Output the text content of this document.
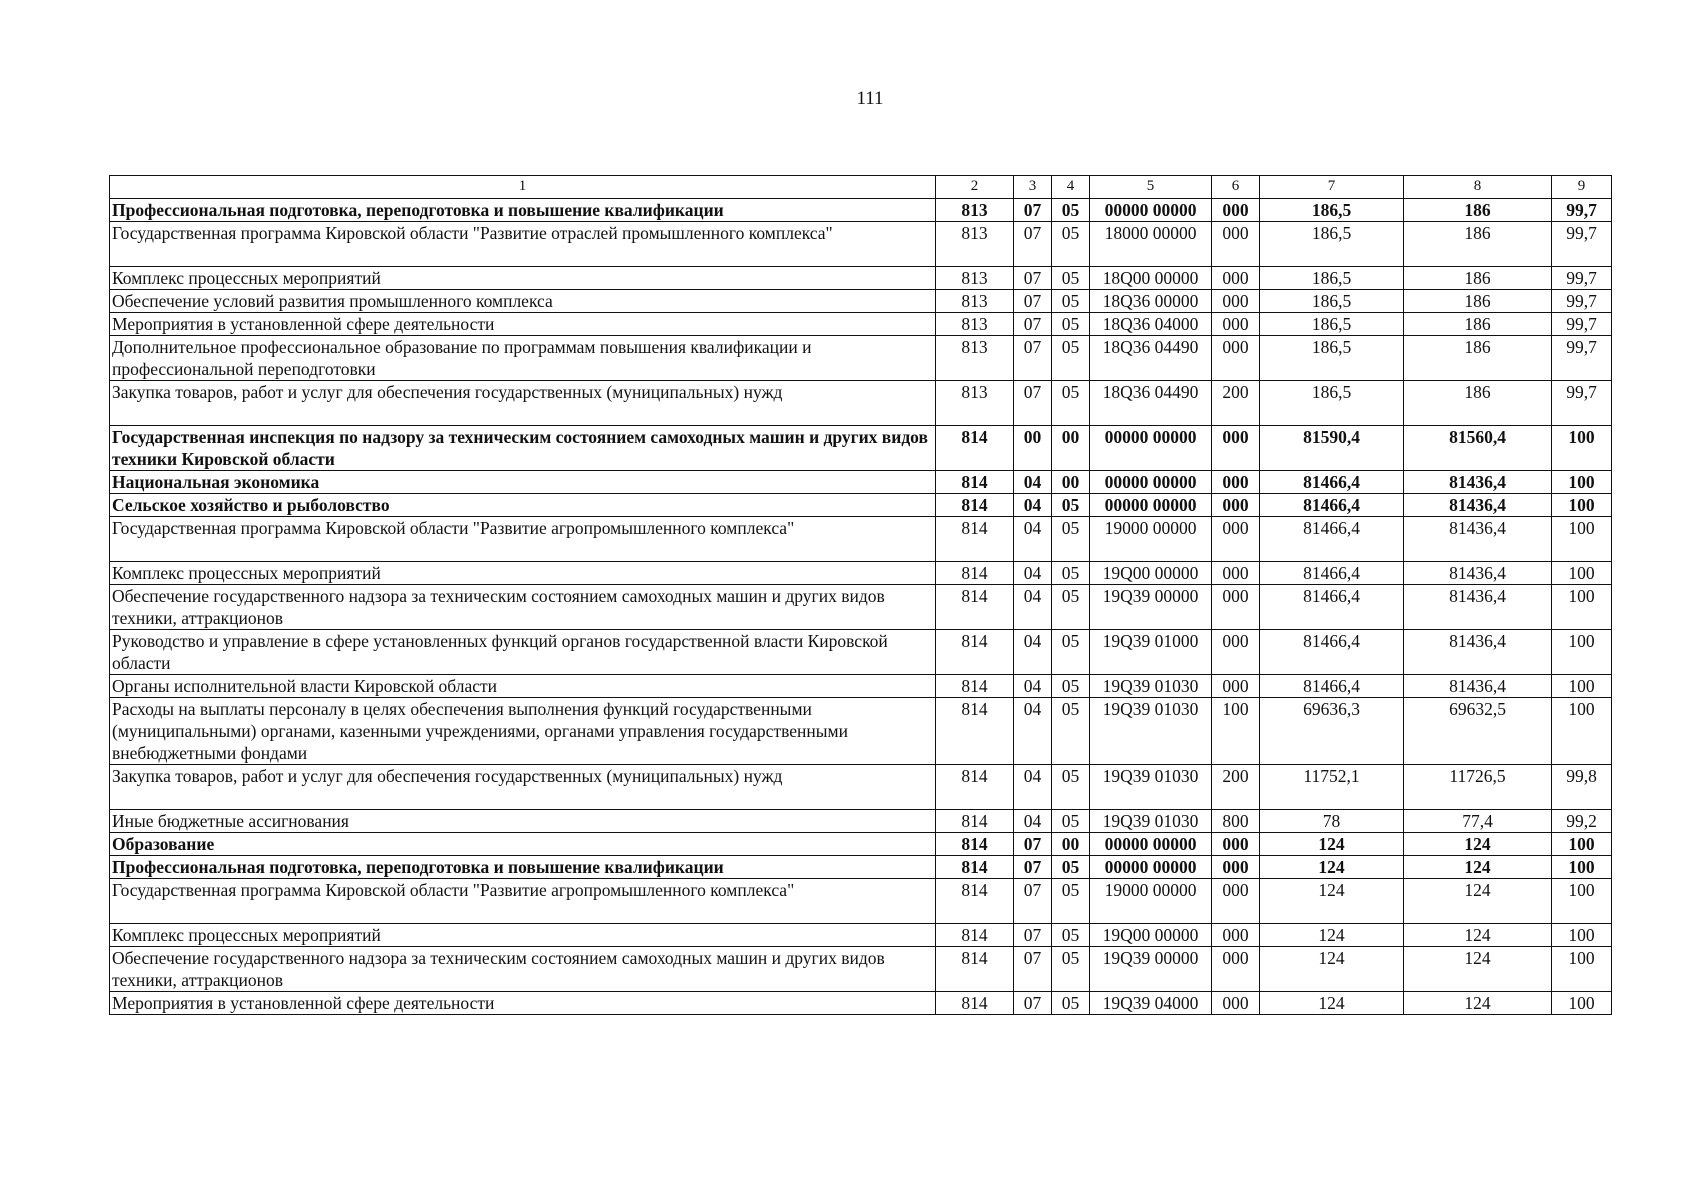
111
1	2	3	4	5	6	7	8	9
Профессиональная подготовка, переподготовка и повышение квалификации	813	07	05	00000 00000	000	186,5	186	99,7
Государственная программа Кировской области "Развитие отраслей промышленного комплекса"	813	07	05	18000 00000	000	186,5	186	99,7
Комплекс процессных мероприятий	813	07	05	18Q00 00000	000	186,5	186	99,7
Обеспечение условий развития промышленного комплекса	813	07	05	18Q36 00000	000	186,5	186	99,7
Мероприятия в установленной сфере деятельности	813	07	05	18Q36 04000	000	186,5	186	99,7
Дополнительное профессиональное образование по программам повышения квалификации и профессиональной переподготовки	813	07	05	18Q36 04490	000	186,5	186	99,7
Закупка товаров, работ и услуг для обеспечения государственных (муниципальных) нужд	813	07	05	18Q36 04490	200	186,5	186	99,7
Государственная инспекция по надзору за техническим состоянием самоходных машин и других видов техники Кировской области	814	00	00	00000 00000	000	81590,4	81560,4	100
Национальная экономика	814	04	00	00000 00000	000	81466,4	81436,4	100
Сельское хозяйство и рыболовство	814	04	05	00000 00000	000	81466,4	81436,4	100
Государственная программа Кировской области "Развитие агропромышленного комплекса"	814	04	05	19000 00000	000	81466,4	81436,4	100
Комплекс процессных мероприятий	814	04	05	19Q00 00000	000	81466,4	81436,4	100
Обеспечение государственного надзора за техническим состоянием самоходных машин и других видов техники, аттракционов	814	04	05	19Q39 00000	000	81466,4	81436,4	100
Руководство и управление в сфере установленных функций органов государственной власти Кировской области	814	04	05	19Q39 01000	000	81466,4	81436,4	100
Органы исполнительной власти Кировской области	814	04	05	19Q39 01030	000	81466,4	81436,4	100
Расходы на выплаты персоналу в целях обеспечения выполнения функций государственными (муниципальными) органами, казенными учреждениями, органами управления государственными внебюджетными фондами	814	04	05	19Q39 01030	100	69636,3	69632,5	100
Закупка товаров, работ и услуг для обеспечения государственных (муниципальных) нужд	814	04	05	19Q39 01030	200	11752,1	11726,5	99,8
Иные бюджетные ассигнования	814	04	05	19Q39 01030	800	78	77,4	99,2
Образование	814	07	00	00000 00000	000	124	124	100
Профессиональная подготовка, переподготовка и повышение квалификации	814	07	05	00000 00000	000	124	124	100
Государственная программа Кировской области "Развитие агропромышленного комплекса"	814	07	05	19000 00000	000	124	124	100
Комплекс процессных мероприятий	814	07	05	19Q00 00000	000	124	124	100
Обеспечение государственного надзора за техническим состоянием самоходных машин и других видов техники, аттракционов	814	07	05	19Q39 00000	000	124	124	100
Мероприятия в установленной сфере деятельности	814	07	05	19Q39 04000	000	124	124	100
